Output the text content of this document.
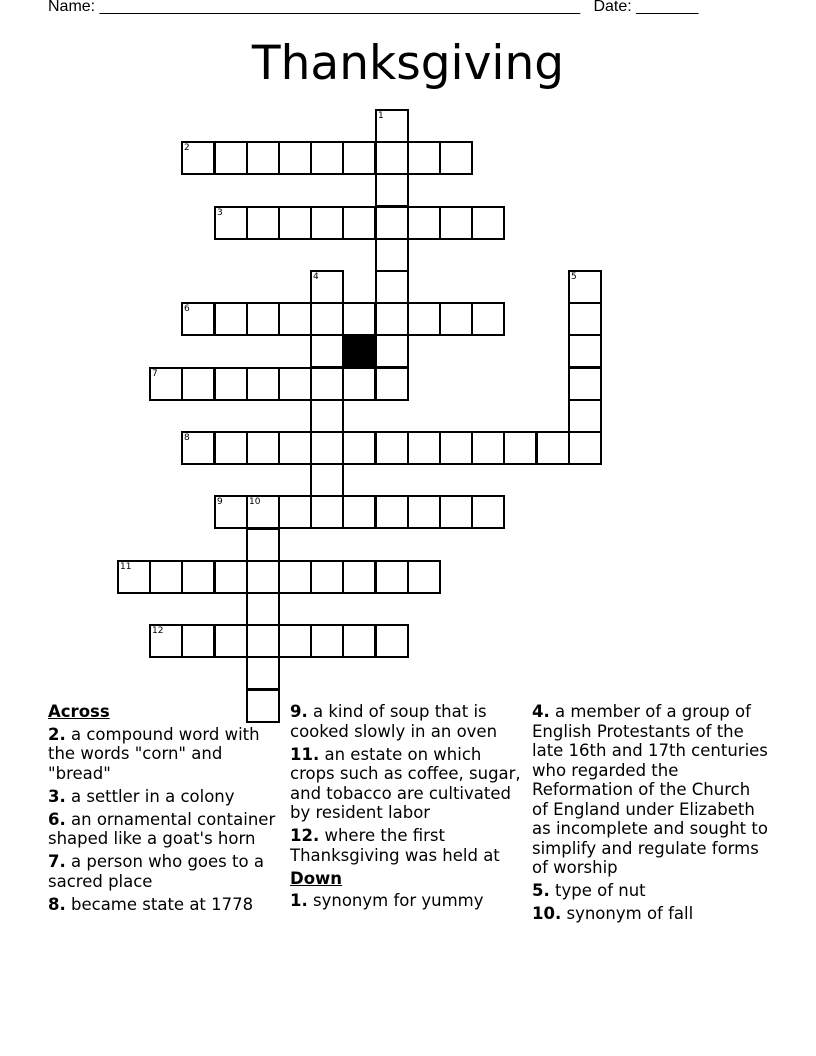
Name: ______________________________________________________ Date: _______
Thanksgiving
2
3
6
7
8
9	10
11
12
1
4	5
Across
2. a compound word with the words "corn" and "bread"
3. a settler in a colony
6. an ornamental container shaped like a goat's horn
7. a person who goes to a sacred place
8. became state at 1778
9. a kind of soup that is cooked slowly in an oven
11. an estate on which crops such as coffee, sugar, and tobacco are cultivated by resident labor
12. where the first Thanksgiving was held at
Down
1. synonym for yummy
4. a member of a group of English Protestants of the late 16th and 17th centuries who regarded the Reformation of the Church of England under Elizabeth as incomplete and sought to simplify and regulate forms of worship
5. type of nut
10. synonym of fall
